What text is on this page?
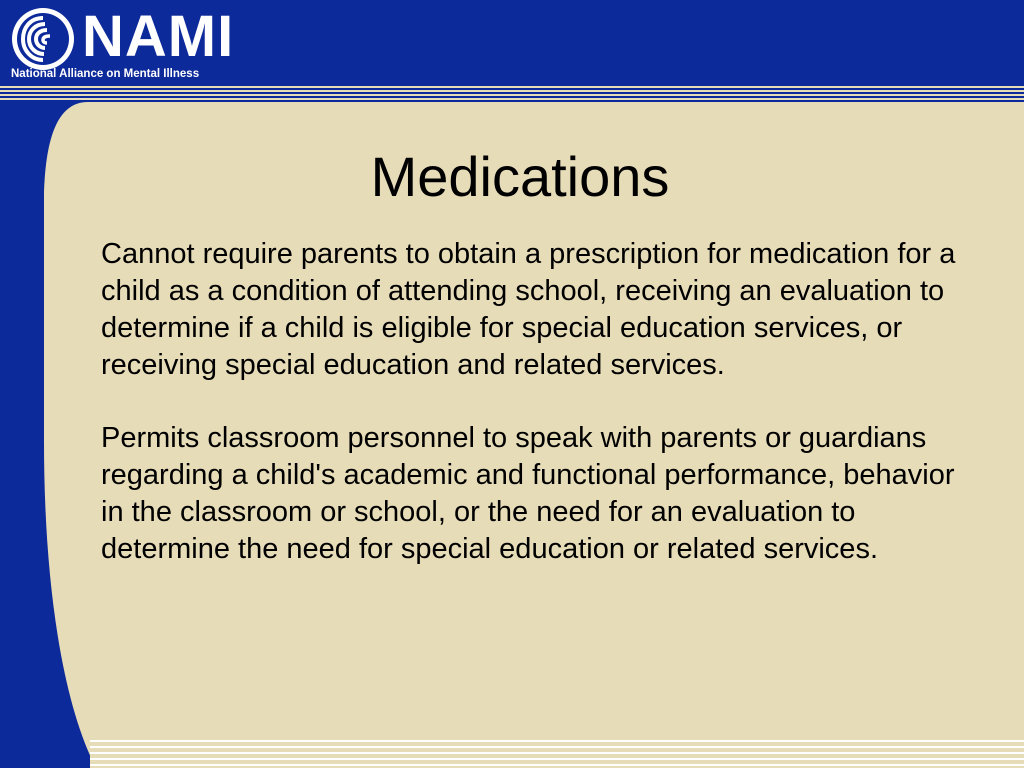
NAMI
National Alliance on Mental Illness
Medications

Cannot require parents to obtain a prescription for medication for a child as a condition of attending school, receiving an evaluation to determine if a child is eligible for special education services, or receiving special education and related services.

Permits classroom personnel to speak with parents or guardians regarding a child's academic and functional performance, behavior in the classroom or school, or the need for an evaluation to determine the need for special education or related services.
